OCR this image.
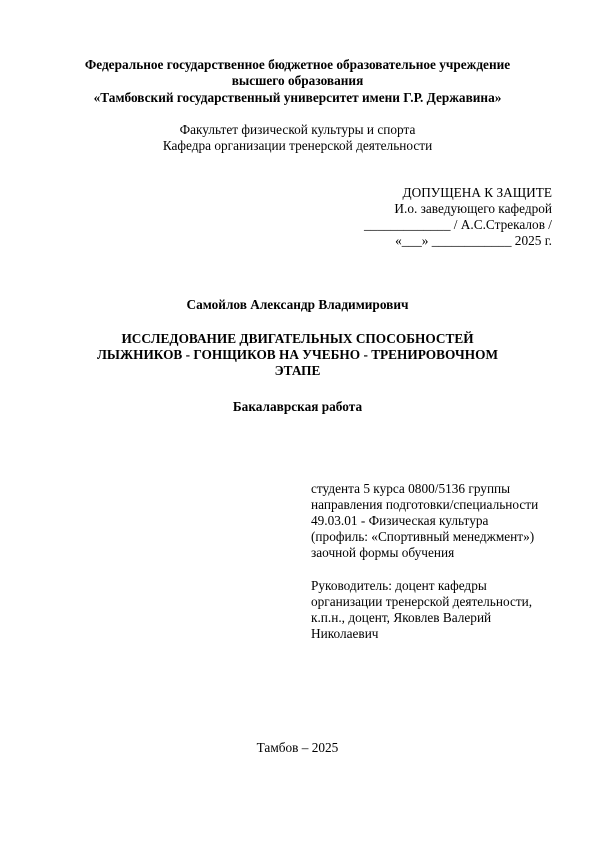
Федеральное государственное бюджетное образовательное учреждение
высшего образования
«Тамбовский государственный университет имени Г.Р. Державина»
Факультет физической культуры и спорта
Кафедра организации тренерской деятельности
ДОПУЩЕНА К ЗАЩИТЕ
И.о. заведующего кафедрой
_____________ / А.С.Стрекалов /
«___» ____________ 2025 г.
Самойлов Александр Владимирович
ИССЛЕДОВАНИЕ ДВИГАТЕЛЬНЫХ СПОСОБНОСТЕЙ
ЛЫЖНИКОВ - ГОНЩИКОВ НА УЧЕБНО - ТРЕНИРОВОЧНОМ
ЭТАПЕ
Бакалаврская работа
студента 5 курса 0800/5136 группы
направления подготовки/специальности
49.03.01 - Физическая культура
(профиль: «Спортивный менеджмент»)
заочной формы обучения
Руководитель: доцент кафедры
организации тренерской деятельности,
к.п.н., доцент, Яковлев Валерий
Николаевич
Тамбов – 2025
